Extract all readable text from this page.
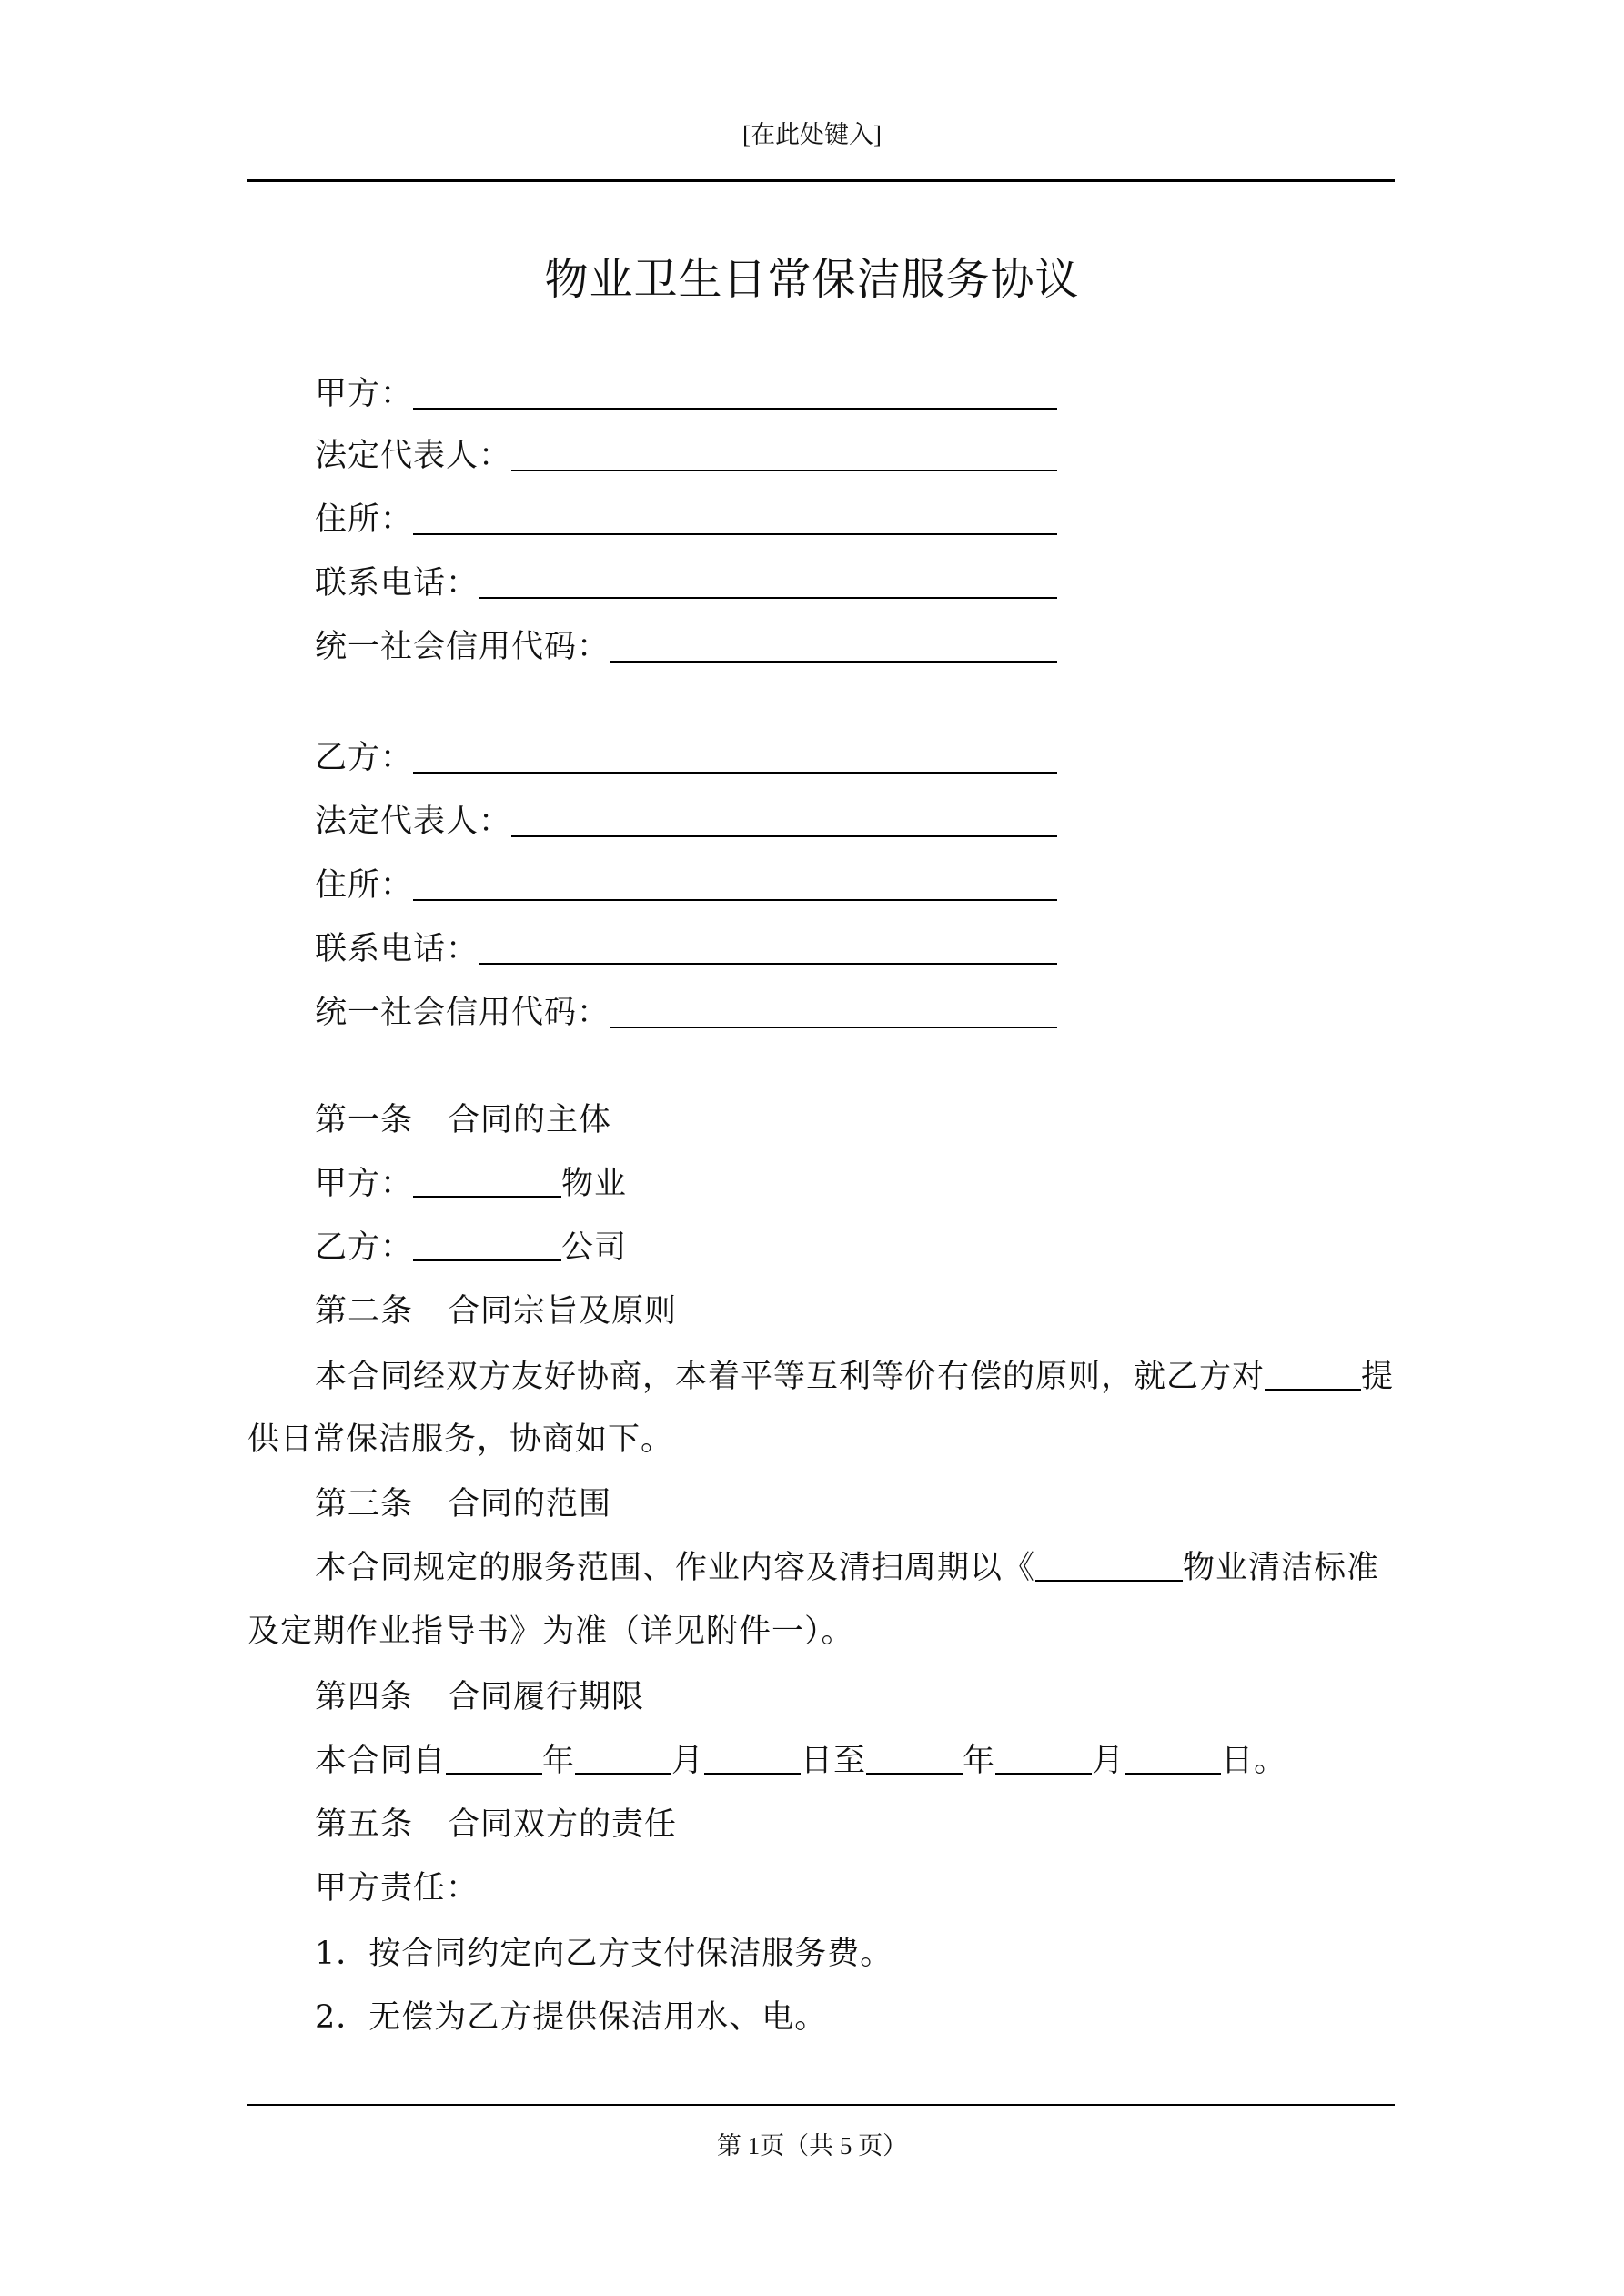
[在此处键入]
物业卫生日常保洁服务协议
甲方：
法定代表人：
住所：
联系电话：
统一社会信用代码：
乙方：
法定代表人：
住所：
联系电话：
统一社会信用代码：
第一条 合同的主体
甲方：	物业
乙方：	公司
第二条 合同宗旨及原则
本合同经双方友好协商，本着平等互利等价有偿的原则，就乙方对	提
供日常保洁服务，协商如下。
第三条 合同的范围
本合同规定的服务范围、作业内容及清扫周期以《	物业清洁标准
及定期作业指导书》为准（详见附件一）。
第四条 合同履行期限
本合同自	年	月	日至	年	月	日。
第五条 合同双方的责任
甲方责任：
1．按合同约定向乙方支付保洁服务费。
2．无偿为乙方提供保洁用水、电。
第 1页（共 5 页）
